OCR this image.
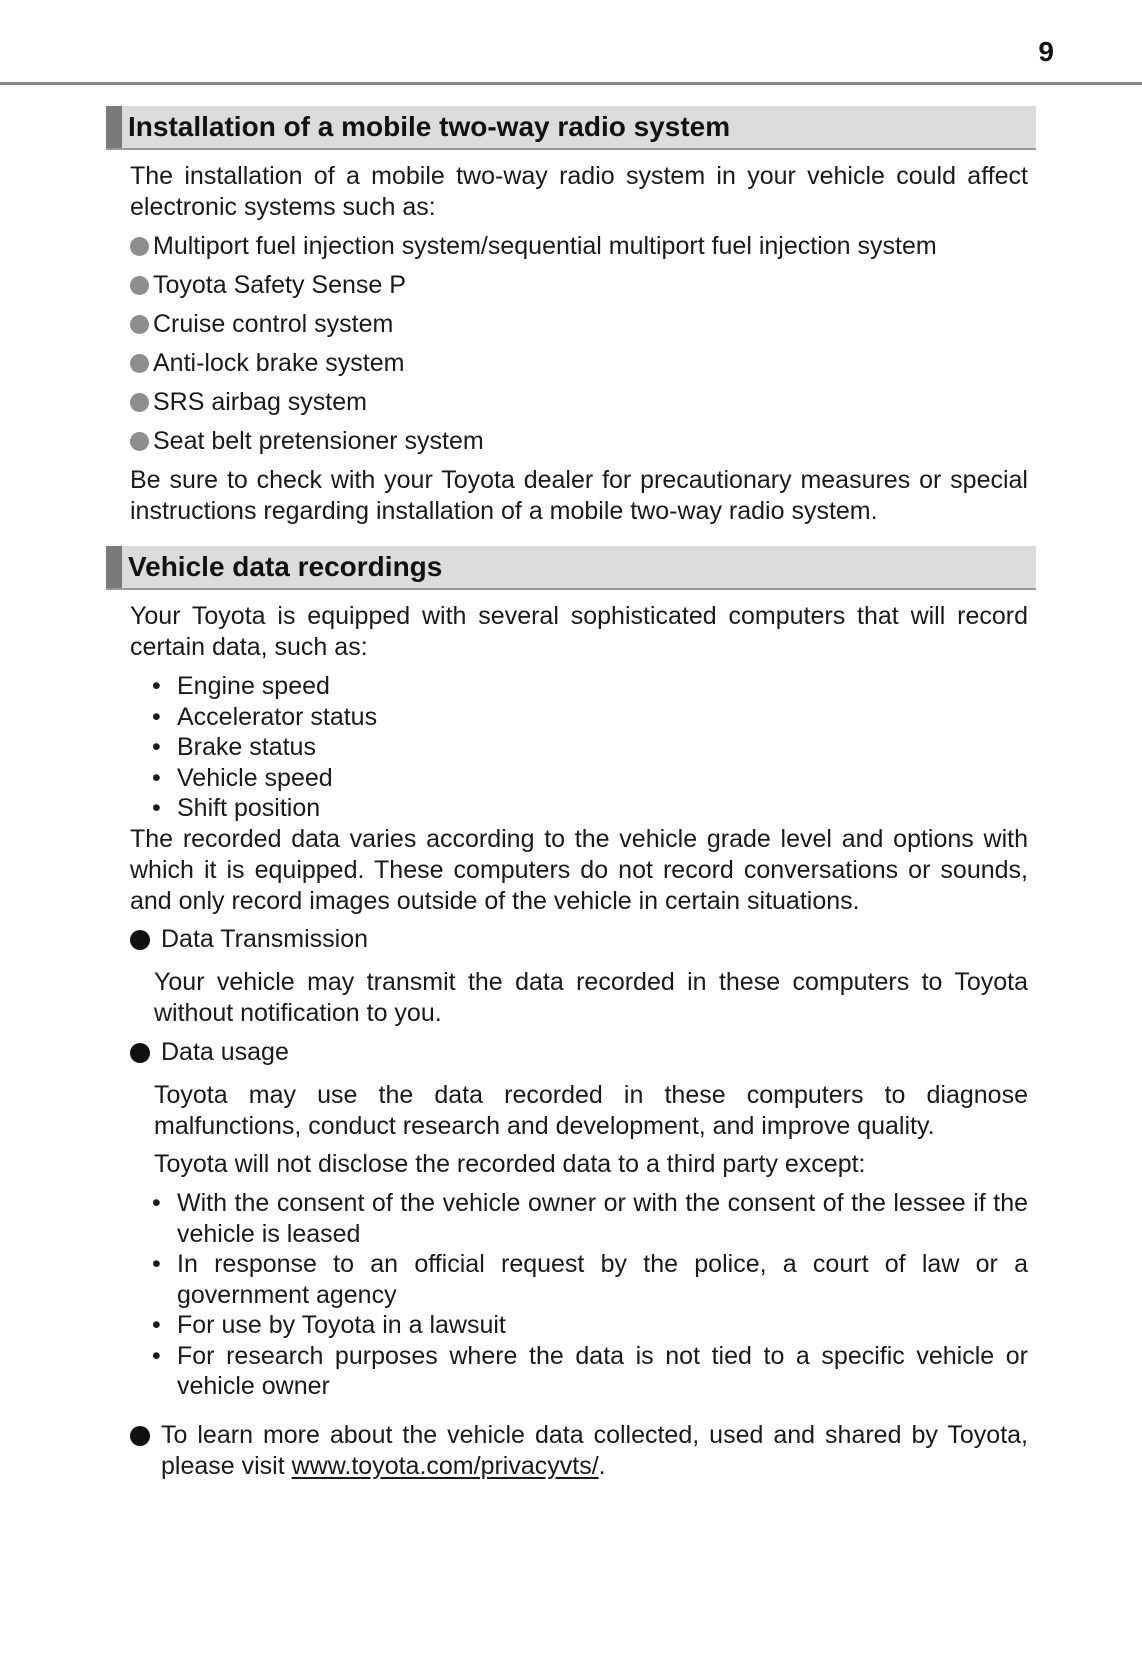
9
Installation of a mobile two-way radio system

The installation of a mobile two-way radio system in your vehicle could affect electronic systems such as:

Multiport fuel injection system/sequential multiport fuel injection system
Toyota Safety Sense P
Cruise control system
Anti-lock brake system
SRS airbag system
Seat belt pretensioner system

Be sure to check with your Toyota dealer for precautionary measures or special instructions regarding installation of a mobile two-way radio system.

Vehicle data recordings

Your Toyota is equipped with several sophisticated computers that will record certain data, such as:

• Engine speed
• Accelerator status
• Brake status
• Vehicle speed
• Shift position

The recorded data varies according to the vehicle grade level and options with which it is equipped. These computers do not record conversations or sounds, and only record images outside of the vehicle in certain situations.

Data Transmission

Your vehicle may transmit the data recorded in these computers to Toyota without notification to you.

Data usage

Toyota may use the data recorded in these computers to diagnose malfunctions, conduct research and development, and improve quality.

Toyota will not disclose the recorded data to a third party except:

• With the consent of the vehicle owner or with the consent of the lessee if the vehicle is leased
• In response to an official request by the police, a court of law or a government agency
• For use by Toyota in a lawsuit
• For research purposes where the data is not tied to a specific vehicle or vehicle owner
To learn more about the vehicle data collected, used and shared by Toyota, please visit www.toyota.com/privacyvts/.
